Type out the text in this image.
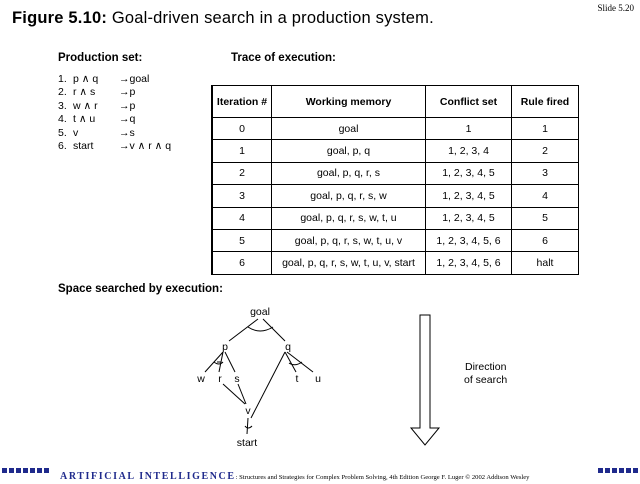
Slide 5.20
Figure 5.10: Goal-driven search in a production system.
Production set:	Trace of execution:
1. p ∧ q	→ goal
2. r ∧ s	→ p
3. w ∧ r	→ p
4. t ∧ u	→ q
5. v	→ s
6. start	→ v ∧ r ∧ q
Iteration #	Working memory	Conflict set	Rule fired
0	goal	1	1
1	goal, p, q	1, 2, 3, 4	2
2	goal, p, q, r, s	1, 2, 3, 4, 5	3
3	goal, p, q, r, s, w	1, 2, 3, 4, 5	4
4	goal, p, q, r, s, w, t, u	1, 2, 3, 4, 5	5
5	goal, p, q, r, s, w, t, u, v	1, 2, 3, 4, 5, 6	6
6	goal, p, q, r, s, w, t, u, v, start	1, 2, 3, 4, 5, 6	halt
Space searched by execution:
goal
p	q
w r s	t u
v
start
Direction
of search
ARTIFICIAL INTELLIGENCE: Structures and Strategies for Complex Problem Solving, 4th Edition George F. Luger © 2002 Addison Wesley
